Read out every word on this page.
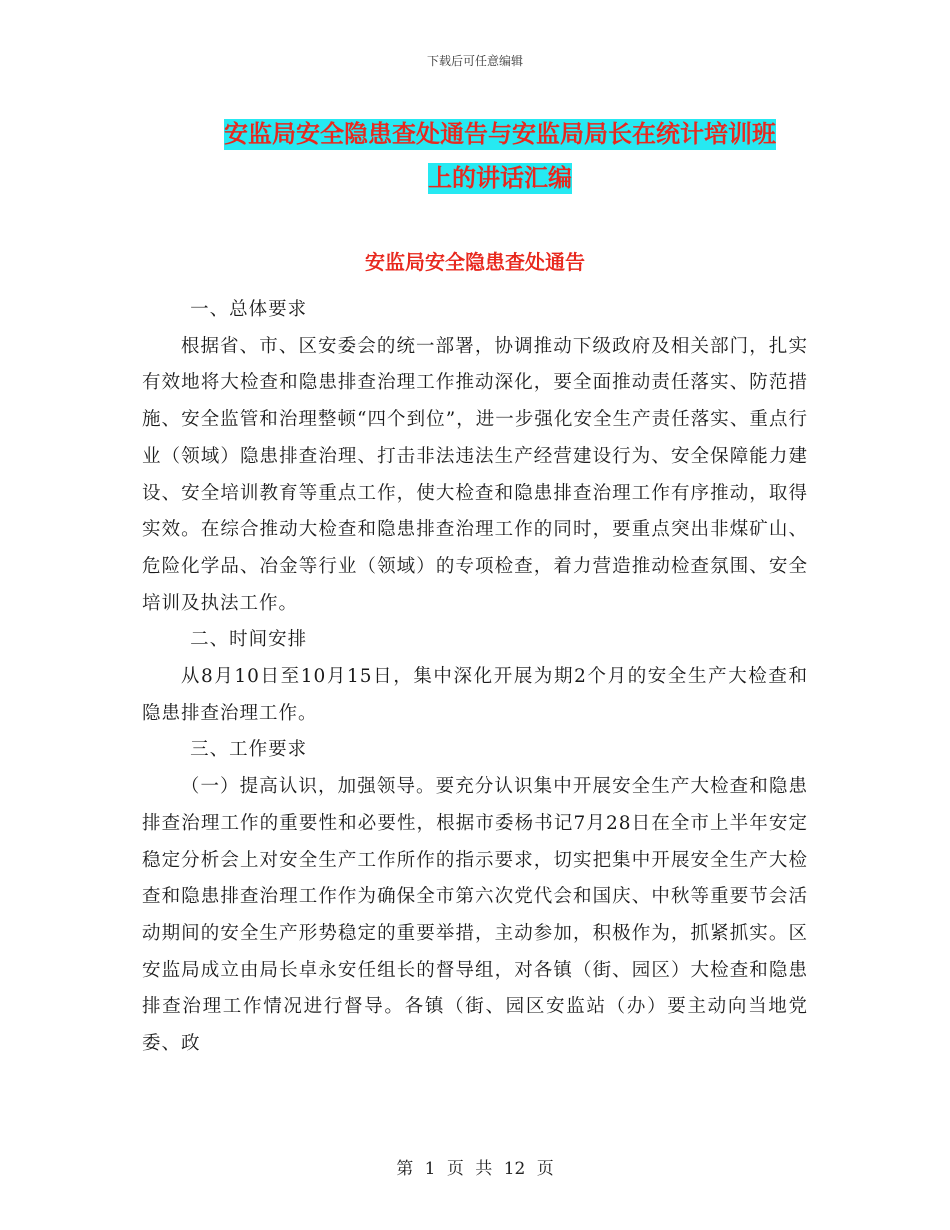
下载后可任意编辑
安监局安全隐患查处通告与安监局局长在统计培训班
上的讲话汇编
安监局安全隐患查处通告

一、总体要求

根据省、市、区安委会的统一部署，协调推动下级政府及相关部门，扎实有效地将大检查和隐患排查治理工作推动深化，要全面推动责任落实、防范措施、安全监管和治理整顿“四个到位”，进一步强化安全生产责任落实、重点行业（领域）隐患排查治理、打击非法违法生产经营建设行为、安全保障能力建设、安全培训教育等重点工作，使大检查和隐患排查治理工作有序推动，取得实效。在综合推动大检查和隐患排查治理工作的同时，要重点突出非煤矿山、危险化学品、冶金等行业（领域）的专项检查，着力营造推动检查氛围、安全培训及执法工作。

二、时间安排

从8月10日至10月15日，集中深化开展为期2个月的安全生产大检查和隐患排查治理工作。

三、工作要求

（一）提高认识，加强领导。要充分认识集中开展安全生产大检查和隐患排查治理工作的重要性和必要性，根据市委杨书记7月28日在全市上半年安定稳定分析会上对安全生产工作所作的指示要求，切实把集中开展安全生产大检查和隐患排查治理工作作为确保全市第六次党代会和国庆、中秋等重要节会活动期间的安全生产形势稳定的重要举措，主动参加，积极作为，抓紧抓实。区安监局成立由局长卓永安任组长的督导组，对各镇（街、园区）大检查和隐患排查治理工作情况进行督导。各镇（街、园区安监站（办）要主动向当地党委、政

第 1 页 共 12 页
